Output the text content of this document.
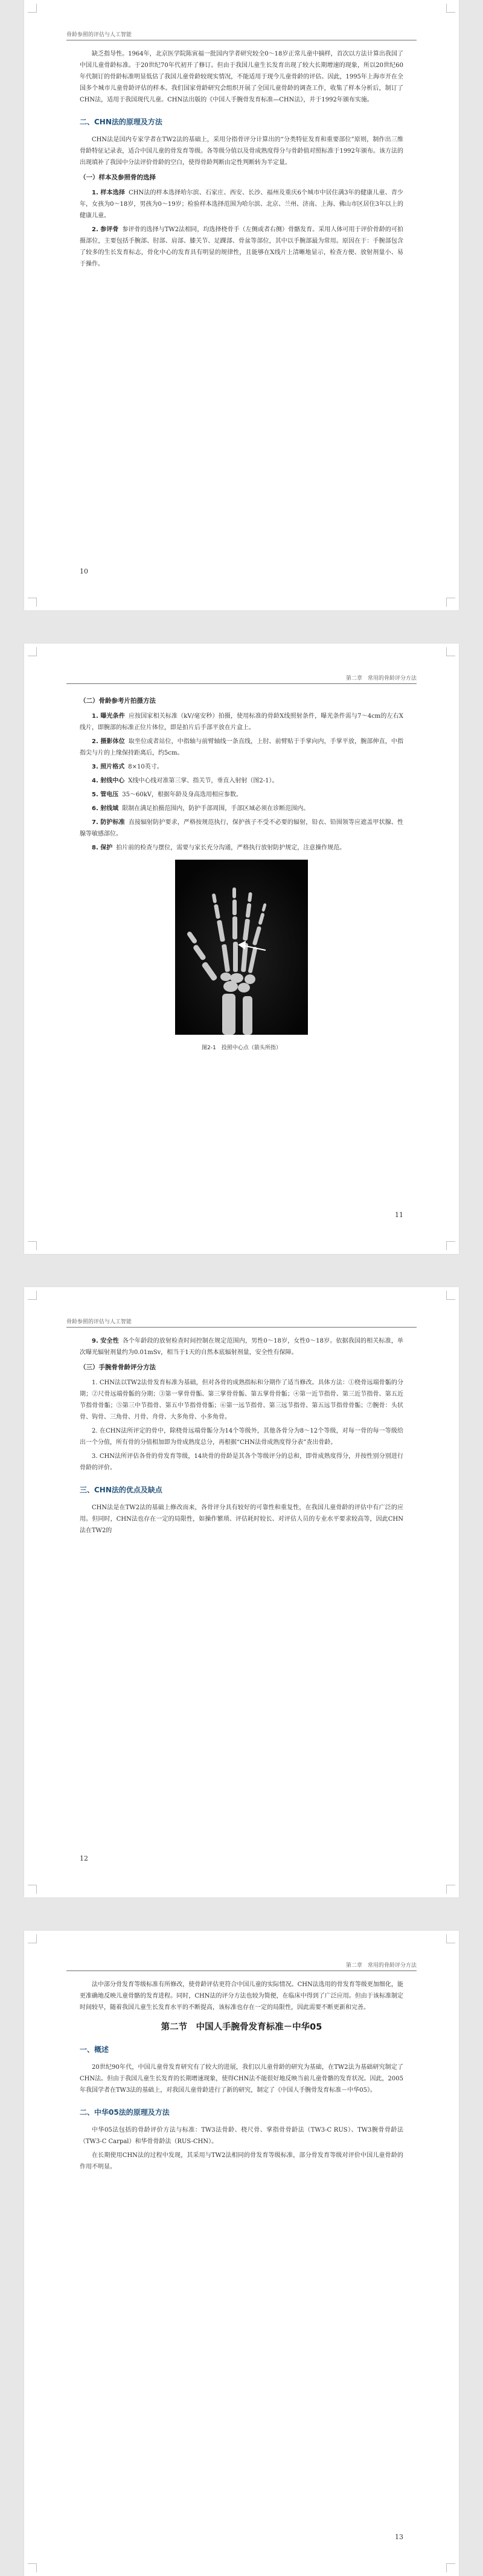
骨龄参照的评估与人工智能

缺乏指导性。1964年，北京医学院陈寅福一批国内学者研究较全0～18岁正常儿童中摘样，首次以方法计算出我国了中国儿童骨龄标准。于20世纪70年代初开了修订。但由于我国儿童生长发育出现了较大长期增速的现象，所以20世纪60年代制订的骨龄标准明显低估了我国儿童骨龄较现实情况，不能适用于现今儿童骨龄的评估。因此，1995年上海市开在全国多个城市儿童骨龄评估的样本。我们国家骨龄研究会组织开展了全国儿童骨龄的调查工作，收集了样本分析后，制订了CHN法，适用于我国现代儿童。CHN法出版的《中国人手腕骨发育标准—CHN法》，并于1992年颁布实施。

二、CHN法的原理及方法

CHN法是国内专家学者在TW2法的基础上，采用分指骨评分计算出的“分类特征发育和重要部位”原则，制作出三维骨龄特征记录表，适合中国儿童的骨发育等级。各等级分值以及骨成熟度得分与骨龄值对照标准于1992年颁布。该方法的出现填补了我国中分法评价骨龄的空白，使得骨龄判断由定性判断转为半定量。

（一）样本及参照骨的选择

1. 样本选择 CHN法的样本选择哈尔滨、石家庄、西安、长沙、福州及重庆6个城市中居住满3年的健康儿童、青少年，女孩为0～18岁，男孩为0～19岁；检验样本选择范围为哈尔滨、北京、兰州、济南、上海、佛山市区居住3年以上的健康儿童。

2. 参评骨 参评骨的选择与TW2法相同，均选择桡骨手（左侧或者右侧）骨骼发育。采用人体可用于评价骨龄的可拍摄部位，主要包括手腕部、肘部、肩部、膝关节、足踝部、骨盆等部位，其中以手腕部最为常用。原因在于：手腕部包含了较多的生长发育标志，骨化中心的发育具有明显的规律性，且能够在X线片上清晰地显示，检查方便、放射剂量小、易于操作。

10
第二章　常用的骨龄评分方法
（二）骨龄参考片拍摄方法

1. 曝光条件 应按国家相关标准（kV/毫安秒）拍摄，使用标准的骨龄X线照射条件，曝光条件需与7～4cm的左右X线片，即腕部的标准正位片体位，即是拍片后手部平放在片盒上。

2. 摄影体位 取坐位或者站位，中指轴与前臂轴线一条直线，上肘、前臂贴于手掌向内，手掌平放，腕部伸直，中指指尖与片的上缘保持距离后，约5cm。

3. 照片格式 8×10英寸。

4. 射线中心 X线中心线对准第三掌、指关节，垂直入射射（图2-1）。

5. 管电压 35～60kV，根据年龄及身高选用相应参数。

6. 射线域 限制在满足拍摄范围内，防护手部周围，手部区域必须在诊断范围内。

7. 防护标准 直接辐射防护要求，严格按规范执行，保护孩子不受不必要的辐射，铅衣、铅围领等应遮盖甲状腺、性腺等敏感部位。

8. 保护 拍片前的检查与摆位，需要与家长充分沟通，严格执行放射防护规定，注意操作规范。

图2-1　投照中心点（箭头所指）
11
骨龄参照的评估与人工智能

9. 安全性 各个年龄段的放射检查时间控制在规定范围内，男性0～18岁，女性0～18岁。依据我国的相关标准，单次曝光辐射剂量约为0.01mSv，相当于1天的自然本底辐射剂量，安全性有保障。

（三）手腕骨骨龄评分方法

1. CHN法以TW2法骨发育标准为基础，但对各骨的成熟指标和分期作了适当修改。具体方法：①桡骨远端骨骺的分期；②尺骨远端骨骺的分期；③第一掌骨骨骺、第三掌骨骨骺、第五掌骨骨骺；④第一近节指骨、第三近节指骨、第五近节指骨骨骺；⑤第三中节指骨、第五中节指骨骨骺；⑥第一远节指骨、第三远节指骨、第五远节指骨骨骺；⑦腕骨：头状骨、钩骨、三角骨、月骨、舟骨、大多角骨、小多角骨。

2. 在CHN法所评定的骨中，除桡骨远端骨骺分为14个等级外，其他各骨分为8～12个等级，对每一骨的每一等级给出一个分值，所有骨的分值相加即为骨成熟度总分，再根据“CHN法骨成熟度得分表”查出骨龄。

3. CHN法所评估各骨的骨发育等级，14块骨的骨龄是其各个等级评分的总和，即骨成熟度得分，并按性别分别进行骨龄的评价。

三、CHN法的优点及缺点

CHN法是在TW2法的基础上修改而来，各骨评分具有较好的可靠性和重复性，在我国儿童骨龄的评估中有广泛的应用。但同时，CHN法也存在一定的局限性，如操作繁琐、评估耗时较长、对评估人员的专业水平要求较高等，因此CHN法在TW2的

12
第二章　常用的骨龄评分方法

法中部分骨发育等级标准有所修改，使骨龄评估更符合中国儿童的实际情况。CHN法选用的骨发育等级更加细化，能更准确地反映儿童骨骼的发育进程。同时，CHN法的评分方法也较为简便，在临床中得到了广泛应用。但由于该标准制定时间较早，随着我国儿童生长发育水平的不断提高，该标准也存在一定的局限性，因此需要不断更新和完善。

第二节　中国人手腕骨发育标准－中华05
一、概述

20世纪90年代，中国儿童骨发育研究有了较大的进展，我们以儿童骨龄的研究为基础，在TW2法为基础研究制定了CHN法。但由于我国儿童生长发育的长期增速现象，使得CHN法不能很好地反映当前儿童骨骼的发育状况。因此，2005年我国学者在TW3法的基础上，对我国儿童骨龄进行了新的研究，制定了《中国人手腕骨发育标准－中华05》。

二、中华05法的原理及方法

中华05法包括的骨龄评价方法与标准：TW3法骨龄、桡尺骨、掌指骨骨龄法（TW3-C RUS）、TW3腕骨骨龄法（TW3-C Carpal）和华骨骨龄法（RUS-CHN）。

在长期使用CHN法的过程中发现，其采用与TW2法相同的骨发育等级标准，部分骨发育等级对评价中国儿童骨龄的作用不明显。

13
